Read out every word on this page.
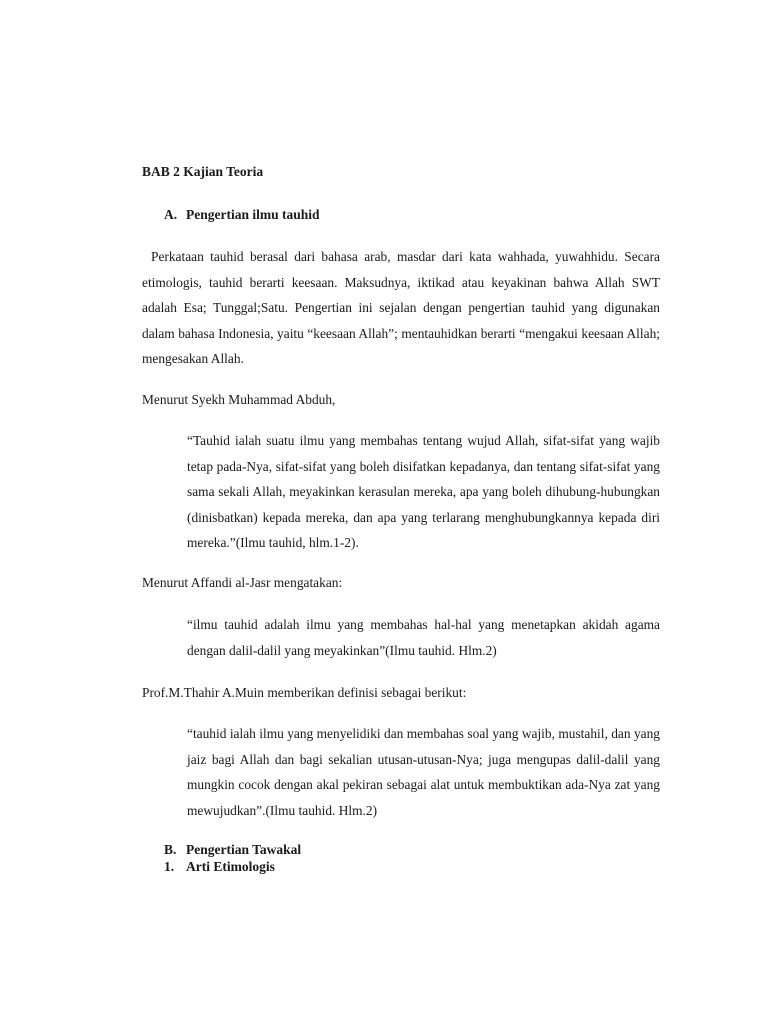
BAB 2 Kajian Teoria

A. Pengertian ilmu tauhid

Perkataan tauhid berasal dari bahasa arab, masdar dari kata wahhada, yuwahhidu. Secara etimologis, tauhid berarti keesaan. Maksudnya, iktikad atau keyakinan bahwa Allah SWT adalah Esa; Tunggal;Satu. Pengertian ini sejalan dengan pengertian tauhid yang digunakan dalam bahasa Indonesia, yaitu “keesaan Allah”; mentauhidkan berarti “mengakui keesaan Allah; mengesakan Allah.

Menurut Syekh Muhammad Abduh,

“Tauhid ialah suatu ilmu yang membahas tentang wujud Allah, sifat-sifat yang wajib tetap pada-Nya, sifat-sifat yang boleh disifatkan kepadanya, dan tentang sifat-sifat yang sama sekali Allah, meyakinkan kerasulan mereka, apa yang boleh dihubung-hubungkan (dinisbatkan) kepada mereka, dan apa yang terlarang menghubungkannya kepada diri mereka.”(Ilmu tauhid, hlm.1-2).

Menurut Affandi al-Jasr mengatakan:

“ilmu tauhid adalah ilmu yang membahas hal-hal yang menetapkan akidah agama dengan dalil-dalil yang meyakinkan”(Ilmu tauhid. Hlm.2)

Prof.M.Thahir A.Muin memberikan definisi sebagai berikut:

“tauhid ialah ilmu yang menyelidiki dan membahas soal yang wajib, mustahil, dan yang jaiz bagi Allah dan bagi sekalian utusan-utusan-Nya; juga mengupas dalil-dalil yang mungkin cocok dengan akal pekiran sebagai alat untuk membuktikan ada-Nya zat yang mewujudkan”.(Ilmu tauhid. Hlm.2)

B. Pengertian Tawakal

1. Arti Etimologis
